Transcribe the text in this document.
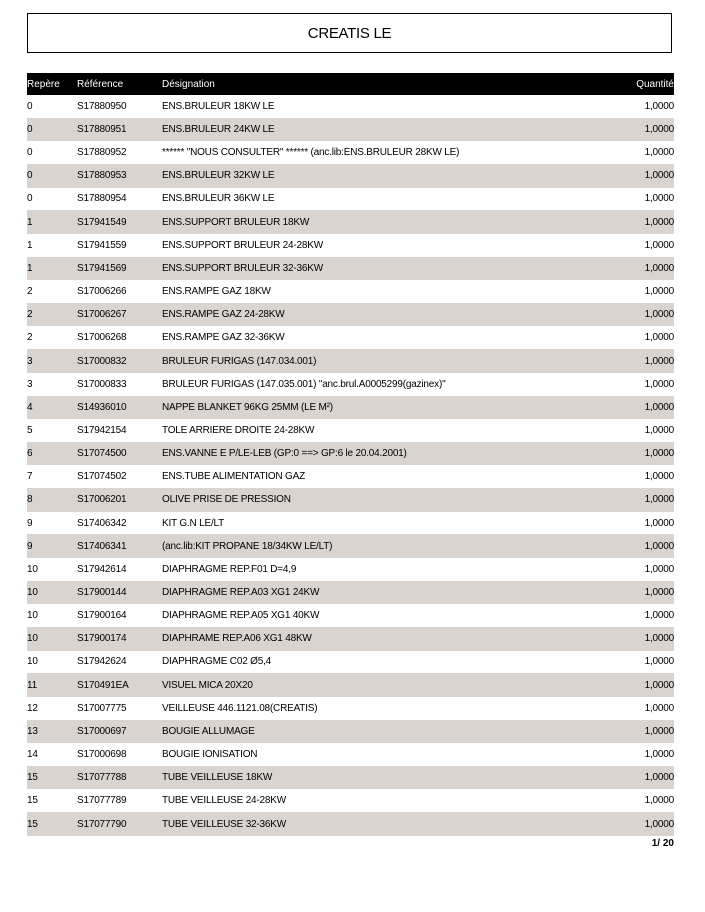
CREATIS LE
Repère	Référence	Désignation	Quantité
0	S17880950	ENS.BRULEUR 18KW LE	1,0000
0	S17880951	ENS.BRULEUR 24KW LE	1,0000
0	S17880952	****** "NOUS CONSULTER" ****** (anc.lib:ENS.BRULEUR 28KW LE)	1,0000
0	S17880953	ENS.BRULEUR 32KW LE	1,0000
0	S17880954	ENS.BRULEUR 36KW LE	1,0000
1	S17941549	ENS.SUPPORT BRULEUR 18KW	1,0000
1	S17941559	ENS.SUPPORT BRULEUR 24-28KW	1,0000
1	S17941569	ENS.SUPPORT BRULEUR 32-36KW	1,0000
2	S17006266	ENS.RAMPE GAZ 18KW	1,0000
2	S17006267	ENS.RAMPE GAZ 24-28KW	1,0000
2	S17006268	ENS.RAMPE GAZ 32-36KW	1,0000
3	S17000832	BRULEUR FURIGAS (147.034.001)	1,0000
3	S17000833	BRULEUR FURIGAS (147.035.001) "anc.brul.A0005299(gazinex)"	1,0000
4	S14936010	NAPPE BLANKET 96KG 25MM (LE M²)	1,0000
5	S17942154	TOLE ARRIERE DROITE 24-28KW	1,0000
6	S17074500	ENS.VANNE E P/LE-LEB (GP:0 ==> GP:6 le 20.04.2001)	1,0000
7	S17074502	ENS.TUBE ALIMENTATION GAZ	1,0000
8	S17006201	OLIVE PRISE DE PRESSION	1,0000
9	S17406342	KIT G.N LE/LT	1,0000
9	S17406341	(anc.lib:KIT PROPANE 18/34KW LE/LT)	1,0000
10	S17942614	DIAPHRAGME REP.F01 D=4,9	1,0000
10	S17900144	DIAPHRAGME REP.A03 XG1 24KW	1,0000
10	S17900164	DIAPHRAGME REP.A05 XG1 40KW	1,0000
10	S17900174	DIAPHRAME REP.A06 XG1 48KW	1,0000
10	S17942624	DIAPHRAGME C02 Ø5,4	1,0000
11	S170491EA	VISUEL MICA 20X20	1,0000
12	S17007775	VEILLEUSE 446.1121.08(CREATIS)	1,0000
13	S17000697	BOUGIE ALLUMAGE	1,0000
14	S17000698	BOUGIE IONISATION	1,0000
15	S17077788	TUBE VEILLEUSE 18KW	1,0000
15	S17077789	TUBE VEILLEUSE 24-28KW	1,0000
15	S17077790	TUBE VEILLEUSE 32-36KW	1,0000
1/ 20
